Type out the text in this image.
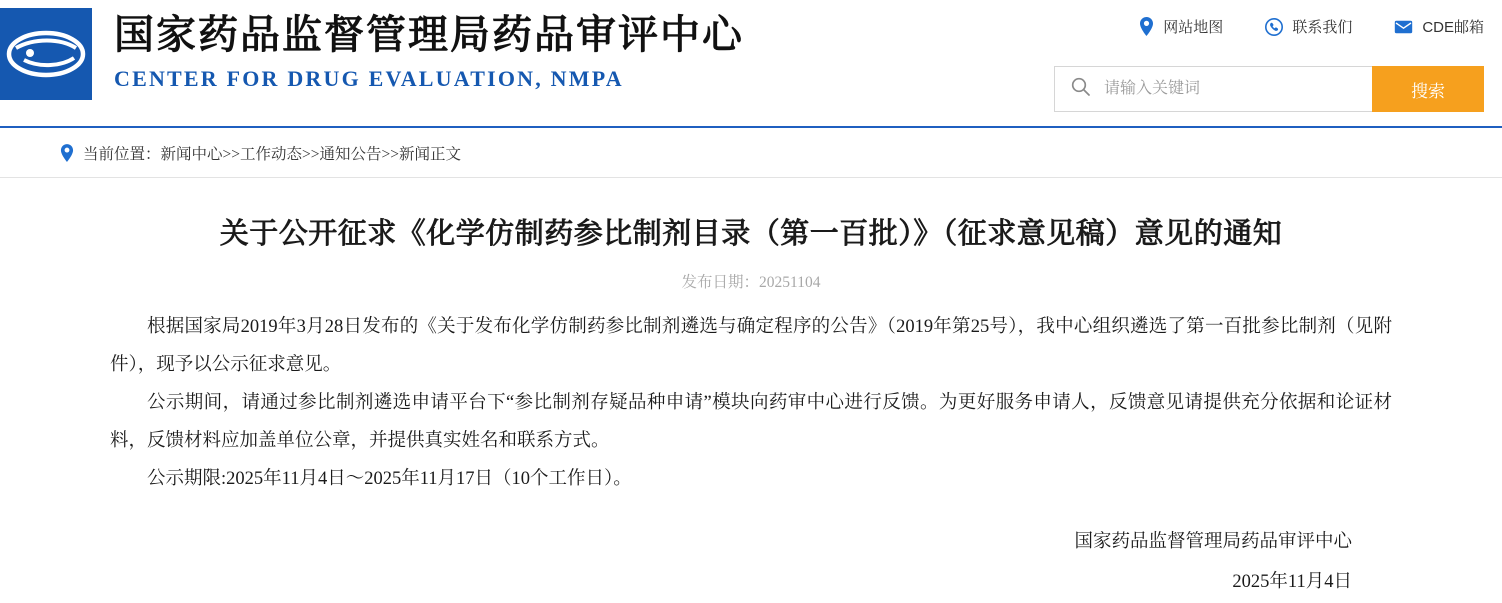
国家药品监督管理局药品审评中心
CENTER FOR DRUG EVALUATION, NMPA
网站地图	联系我们	CDE邮箱
请输入关键词
搜索
当前位置：新闻中心>>工作动态>>通知公告>>新闻正文
关于公开征求《化学仿制药参比制剂目录（第一百批）》（征求意见稿）意见的通知
发布日期：20251104

根据国家局2019年3月28日发布的《关于发布化学仿制药参比制剂遴选与确定程序的公告》（2019年第25号），我中心组织遴选了第一百批参比制剂（见附件），现予以公示征求意见。

公示期间，请通过参比制剂遴选申请平台下“参比制剂存疑品种申请”模块向药审中心进行反馈。为更好服务申请人，反馈意见请提供充分依据和论证材料，反馈材料应加盖单位公章，并提供真实姓名和联系方式。

公示期限:2025年11月4日～2025年11月17日（10个工作日）。

国家药品监督管理局药品审评中心
2025年11月4日
